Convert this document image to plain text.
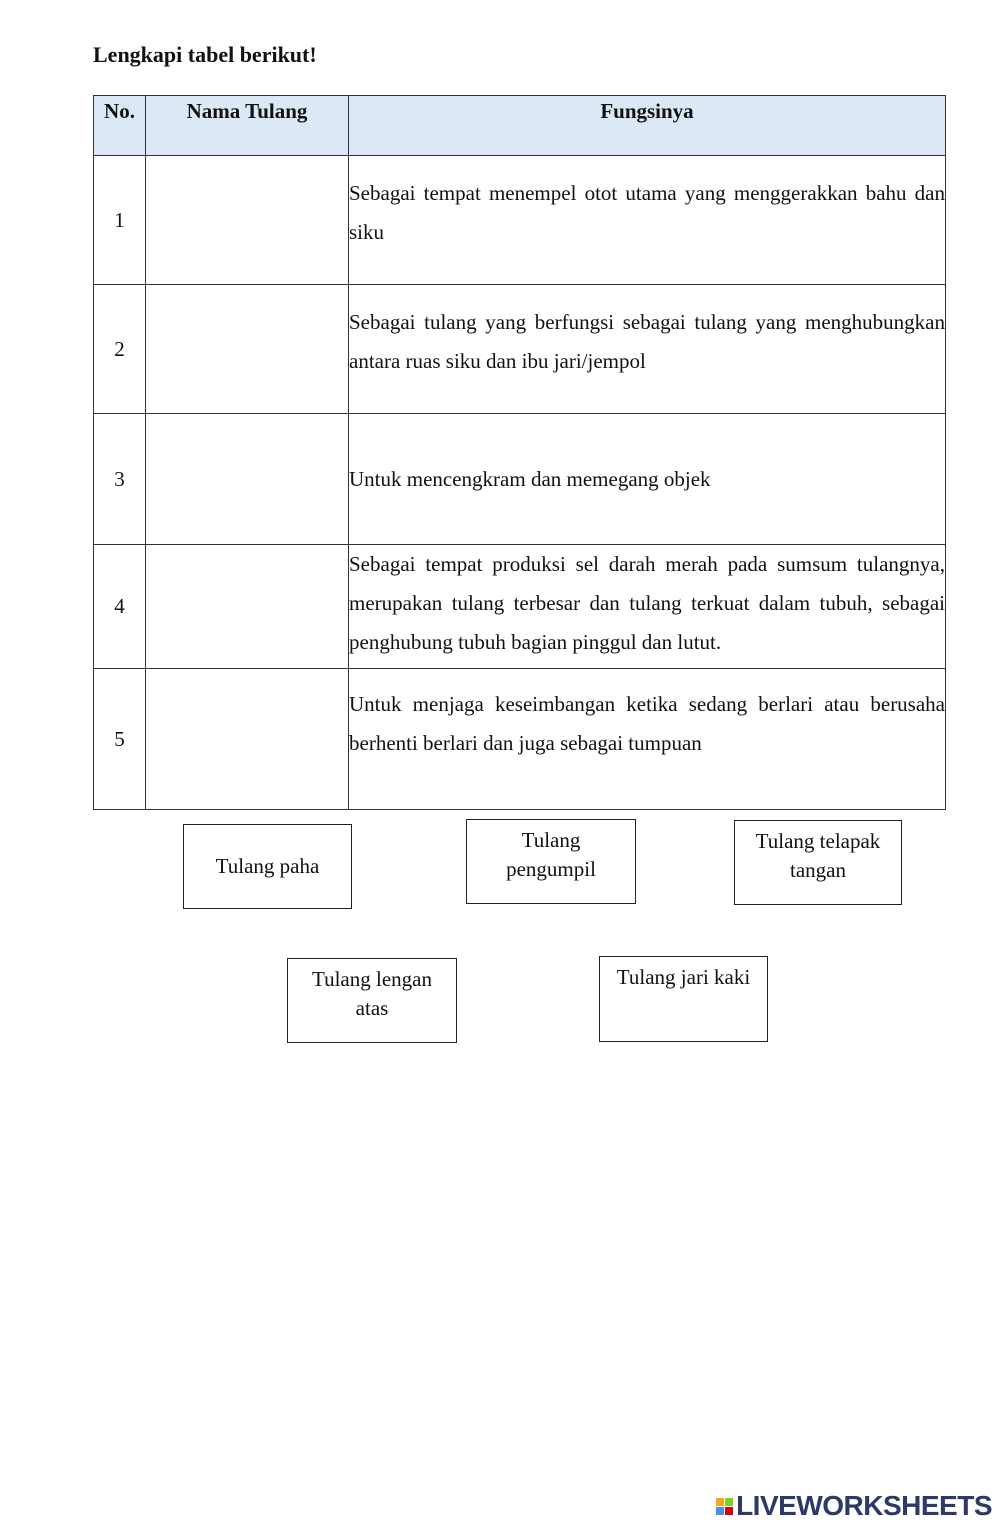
Lengkapi tabel berikut!

No.	Nama Tulang	Fungsinya
1		Sebagai tempat menempel otot utama yang menggerakkan bahu dan siku
2		Sebagai tulang yang berfungsi sebagai tulang yang menghubungkan antara ruas siku dan ibu jari/jempol
3		Untuk mencengkram dan memegang objek
4		Sebagai tempat produksi sel darah merah pada sumsum tulangnya, merupakan tulang terbesar dan tulang terkuat dalam tubuh, sebagai penghubung tubuh bagian pinggul dan lutut.
5		Untuk menjaga keseimbangan ketika sedang berlari atau berusaha berhenti berlari dan juga sebagai tumpuan
Tulang paha
Tulang pengumpil
Tulang telapak tangan
Tulang lengan atas
Tulang jari kaki
LIVEWORKSHEETS
